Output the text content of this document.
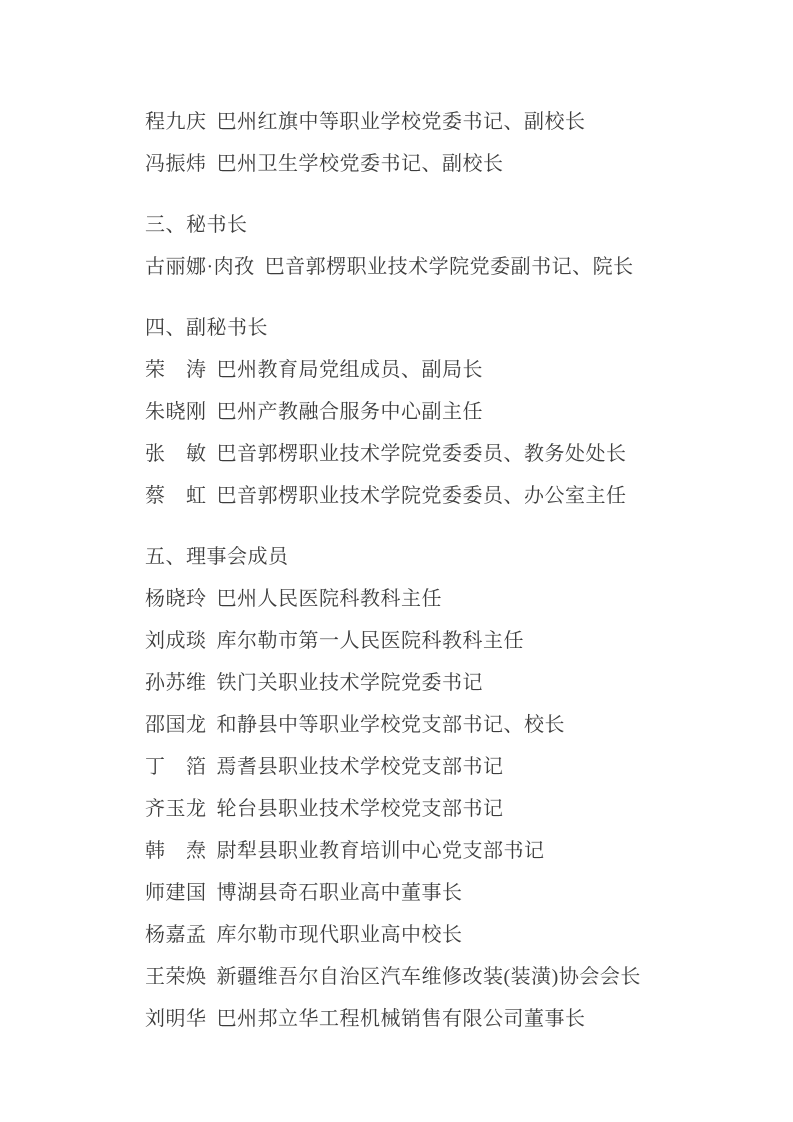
程九庆 巴州红旗中等职业学校党委书记、副校长

冯振炜 巴州卫生学校党委书记、副校长

三、秘书长

古丽娜·肉孜 巴音郭楞职业技术学院党委副书记、院长

四、副秘书长

荣　涛 巴州教育局党组成员、副局长

朱晓刚 巴州产教融合服务中心副主任

张　敏 巴音郭楞职业技术学院党委委员、教务处处长

蔡　虹 巴音郭楞职业技术学院党委委员、办公室主任

五、理事会成员

杨晓玲 巴州人民医院科教科主任

刘成琰 库尔勒市第一人民医院科教科主任

孙苏维 铁门关职业技术学院党委书记

邵国龙 和静县中等职业学校党支部书记、校长

丁　箔 焉耆县职业技术学校党支部书记

齐玉龙 轮台县职业技术学校党支部书记

韩　焘 尉犁县职业教育培训中心党支部书记

师建国 博湖县奇石职业高中董事长

杨嘉孟 库尔勒市现代职业高中校长

王荣焕 新疆维吾尔自治区汽车维修改装(装潢)协会会长

刘明华 巴州邦立华工程机械销售有限公司董事长
